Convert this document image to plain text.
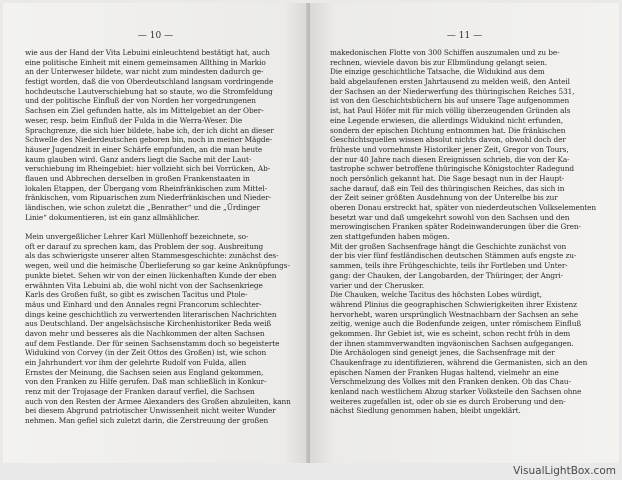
— 10 —
wie aus der Hand der Vita Lebuini einleuchtend bestätigt hat, auch
eine politische Einheit mit einem gemeinsamen Allthing in Markio
an der Unterweser bildete, war nicht zum mindesten dadurch ge-
festigt worden, daß die von Oberdeutschland langsam vordringende
hochdeutsche Lautverschiebung hat so staute, wo die Stromfeldung
und der politische Einfluß der von Norden her vorgedrungenen
Sachsen ein Ziel gefunden hatte, als im Mittelgebiet an der Ober-
weser, resp. beim Einfluß der Fulda in die Werra-Weser. Die
Sprachgrenze, die sich hier bildete, habe ich, der ich dicht an dieser
Schwelle des Niederdeutschen geboren bin, noch in meiner Mägde-
häuser Jugendzeit in einer Schärfe empfunden, an die man heute
kaum glauben wird. Ganz anders liegt die Sache mit der Laut-
verschiebung im Rheingebiet: hier vollzieht sich bei Vorrücken, Ab-
flauen und Abbrechen derselben in großen Frankenstaaten in
lokalen Etappen, der Übergang vom Rheinfränkischen zum Mittel-
fränkischen, vom Ripuarischen zum Niederfränkischen und Nieder-
ländischen, wie schon zuletzt die „Benrather“ und die „Ürdinger
Linie“ dokumentieren, ist ein ganz allmählicher.
Mein unvergeßlicher Lehrer Karl Müllenhoff bezeichnete, so-
oft er darauf zu sprechen kam, das Problem der sog. Ausbreitung
als das schwierigste unserer alten Stammesgeschichte: zunächst des-
wegen, weil und die heimische Überlieferung so gar keine Anknüpfungs-
punkte bietet. Sehen wir von der einen lückenhaften Kunde der eben
erwähnten Vita Lebuini ab, die wohl nicht von der Sachsenkriege
Karls des Großen fußt, so gibt es zwischen Tacitus und Ptole-
mäus und Einhard und den Annales regni Francorum schlechter-
dings keine geschichtlich zu verwertenden literarischen Nachrichten
aus Deutschland. Der angelsächsische Kirchenhistoriker Beda weiß
davon mehr und besseres als die Nachkommen der alten Sachsen
auf dem Festlande. Der für seinen Sachsenstamm doch so begeisterte
Widukind von Corvey (in der Zeit Ottos des Großen) ist, wie schon
ein Jahrhundert vor ihm der gelehrte Rudolf von Fulda, allen
Ernstes der Meinung, die Sachsen seien aus England gekommen,
von den Franken zu Hilfe gerufen. Daß man schließlich in Konkur-
renz mit der Trojasage der Franken darauf verfiel, die Sachsen
auch von den Resten der Armee Alexanders des Großen abzuleiten, kann
bei diesem Abgrund patriotischer Unwissenheit nicht weiter Wunder
nehmen. Man gefiel sich zuletzt darin, die Zerstreuung der großen
— 11 —
makedonischen Flotte von 300 Schiffen auszumalen und zu be-
rechnen, wieviele davon bis zur Elbmündung gelangt seien.
Die einzige geschichtliche Tatsache, die Widukind aus dem
bald abgelaufenen ersten Jahrtausend zu melden weiß, den Anteil
der Sachsen an der Niederwerfung des thüringischen Reiches 531,
ist von den Geschichtsbüchern bis auf unsere Tage aufgenommen
ist, hat Paul Höfer mit für mich völlig überzeugenden Gründen als
eine Legende erwiesen, die allerdings Widukind nicht erfunden,
sondern der epischen Dichtung entnommen hat. Die fränkischen
Geschichtsquellen wissen absolut nichts davon, obwohl doch der
früheste und vornehmste Historiker jener Zeit, Gregor von Tours,
der nur 40 Jahre nach diesen Ereignissen schrieb, die von der Ka-
tastrophe schwer betroffene thüringische Königstochter Radegund
noch persönlich gekannt hat. Die Sage besagt nun in der Haupt-
sache darauf, daß ein Teil des thüringischen Reiches, das sich in
der Zeit seiner größten Ausdehnung von der Unterelbe bis zur
oberen Donau erstreckt hat, später von niederdeutschen Volkselementen
besetzt war und daß umgekehrt sowohl von den Sachsen und den
merowingischen Franken später Rodeinwanderungen über die Gren-
zen stattgefunden haben mögen.
Mit der großen Sachsenfrage hängt die Geschichte zunächst von
der bis vier fünf festländischen deutschen Stämmen aufs engste zu-
sammen, teils ihre Frühgeschichte, teils ihr Fortleben und Unter-
gang: der Chauken, der Langobarden, der Thüringer, der Angri-
varier und der Cherusker.
Die Chauken, welche Tacitus des höchsten Lobes würdigt,
während Plinius die geographischen Schwierigkeiten ihrer Existenz
hervorhebt, waren ursprünglich Westnachbarn der Sachsen an sehe
zeitig, wenige auch die Bodenfunde zeigen, unter römischem Einfluß
gekommen. Ihr Gebiet ist, wie es scheint, schon recht früh in dem
der ihnen stammverwandten ingväonischen Sachsen aufgegangen.
Die Archäologen sind geneigt jenes, die Sachsenfrage mit der
Chaukenfrage zu identifizieren, während die Germanisten, sich an den
epischen Namen der Franken Hugas haltend, vielmehr an eine
Verschmelzung des Volkes mit den Franken denken. Ob das Chau-
kenland nach westlichem Abzug starker Volksteile den Sachsen ohne
weiteres zugefallen ist, oder ob sie es durch Eroberung und den-
nächst Siedlung genommen haben, bleibt ungeklärt.
VisualLightBox.com
